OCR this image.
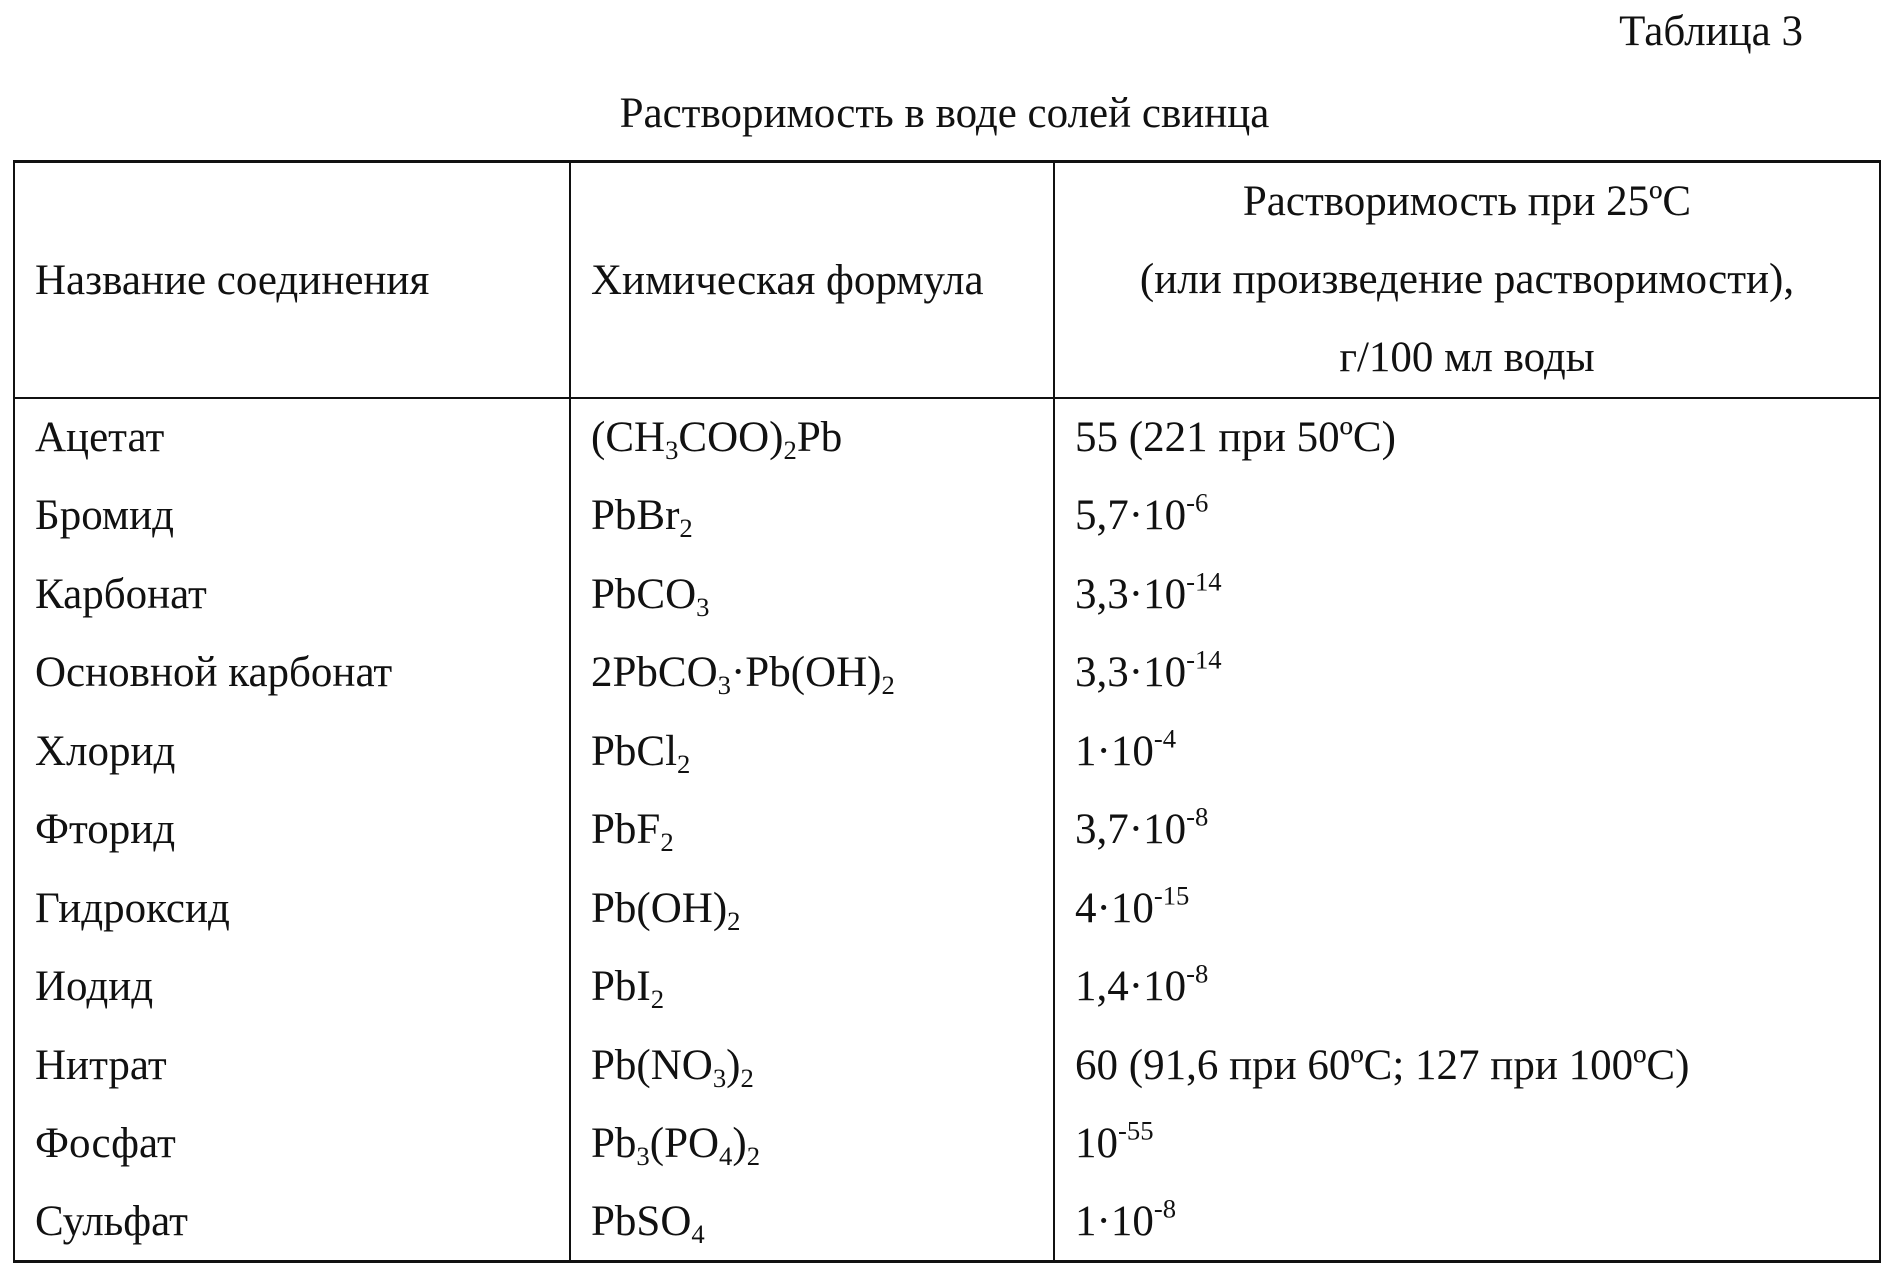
Таблица 3
Растворимость в воде солей свинца
Название соединения	Химическая формула	Растворимость при 25ºC
(или произведение растворимости),
г/100 мл воды

Ацетат	$(CH_3COO)_2Pb$	55 (221 при 50ºC)
Бромид	PbBr$_2$	$5,7\cdot 10^{-6}$
Карбонат	PbCO$_3$	$3,3\cdot 10^{-14}$
Основной карбонат	$2PbCO_3\cdot Pb(OH)_2$	$3,3\cdot 10^{-14}$
Хлорид	PbCl$_2$	$1\cdot 10^{-4}$
Фторид	PbF$_2$	$3,7\cdot 10^{-8}$
Гидроксид	$Pb(OH)_2$	$4\cdot 10^{-15}$
Иодид	PbI$_2$	$1,4\cdot 10^{-8}$
Нитрат	$Pb(NO_3)_2$	60 (91,6 при 60ºC; 127 при 100ºC)
Фосфат	$Pb_3(PO_4)_2$	$10^{-55}$
Сульфат	PbSO$_4$	$1\cdot 10^{-8}$
